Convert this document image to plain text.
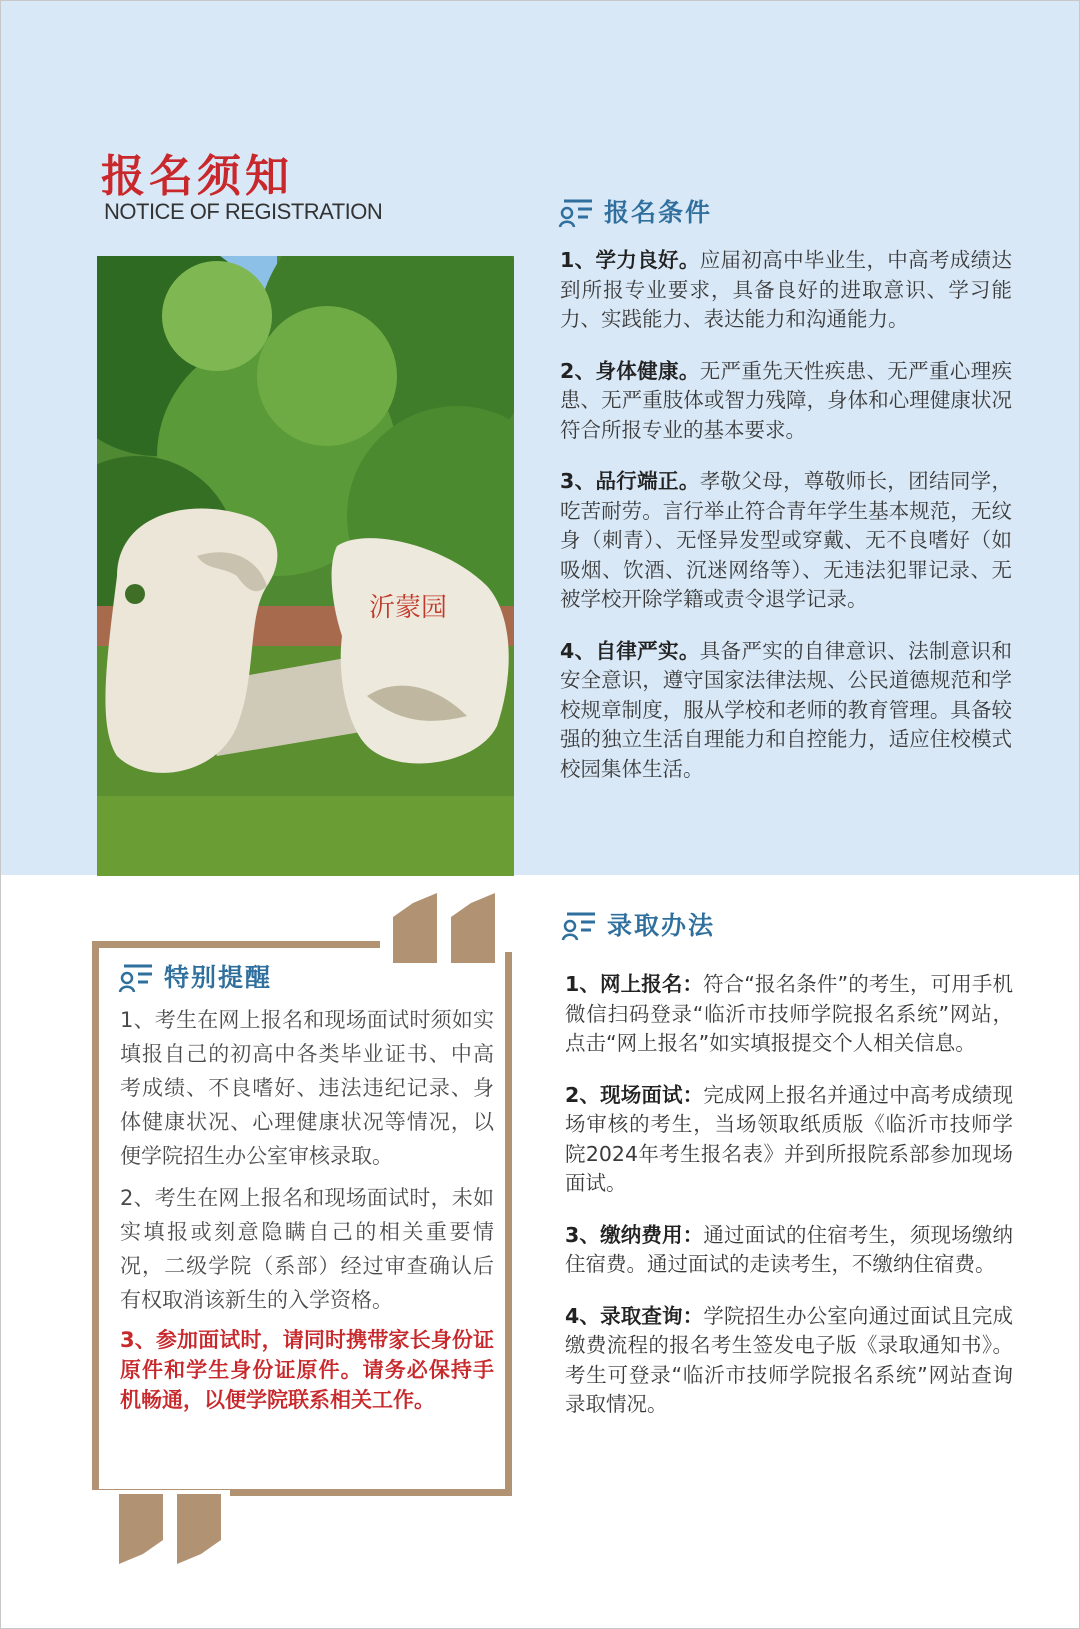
报名须知
NOTICE OF REGISTRATION
沂蒙园
报名条件

1、学力良好。应届初高中毕业生，中高考成绩达到所报专业要求，具备良好的进取意识、学习能力、实践能力、表达能力和沟通能力。

2、身体健康。无严重先天性疾患、无严重心理疾患、无严重肢体或智力残障，身体和心理健康状况符合所报专业的基本要求。

3、品行端正。孝敬父母，尊敬师长，团结同学，吃苦耐劳。言行举止符合青年学生基本规范，无纹身（刺青）、无怪异发型或穿戴、无不良嗜好（如吸烟、饮酒、沉迷网络等）、无违法犯罪记录、无被学校开除学籍或责令退学记录。

4、自律严实。具备严实的自律意识、法制意识和安全意识，遵守国家法律法规、公民道德规范和学校规章制度，服从学校和老师的教育管理。具备较强的独立生活自理能力和自控能力，适应住校模式校园集体生活。

特别提醒

1、考生在网上报名和现场面试时须如实填报自己的初高中各类毕业证书、中高考成绩、不良嗜好、违法违纪记录、身体健康状况、心理健康状况等情况，以便学院招生办公室审核录取。

2、考生在网上报名和现场面试时，未如实填报或刻意隐瞒自己的相关重要情况，二级学院（系部）经过审查确认后有权取消该新生的入学资格。

3、参加面试时，请同时携带家长身份证原件和学生身份证原件。请务必保持手机畅通，以便学院联系相关工作。

录取办法

1、网上报名：符合“报名条件”的考生，可用手机微信扫码登录“临沂市技师学院报名系统”网站，点击“网上报名”如实填报提交个人相关信息。

2、现场面试：完成网上报名并通过中高考成绩现场审核的考生，当场领取纸质版《临沂市技师学院2024年考生报名表》并到所报院系部参加现场面试。

3、缴纳费用：通过面试的住宿考生，须现场缴纳住宿费。通过面试的走读考生，不缴纳住宿费。

4、录取查询：学院招生办公室向通过面试且完成缴费流程的报名考生签发电子版《录取通知书》。考生可登录“临沂市技师学院报名系统”网站查询录取情况。
